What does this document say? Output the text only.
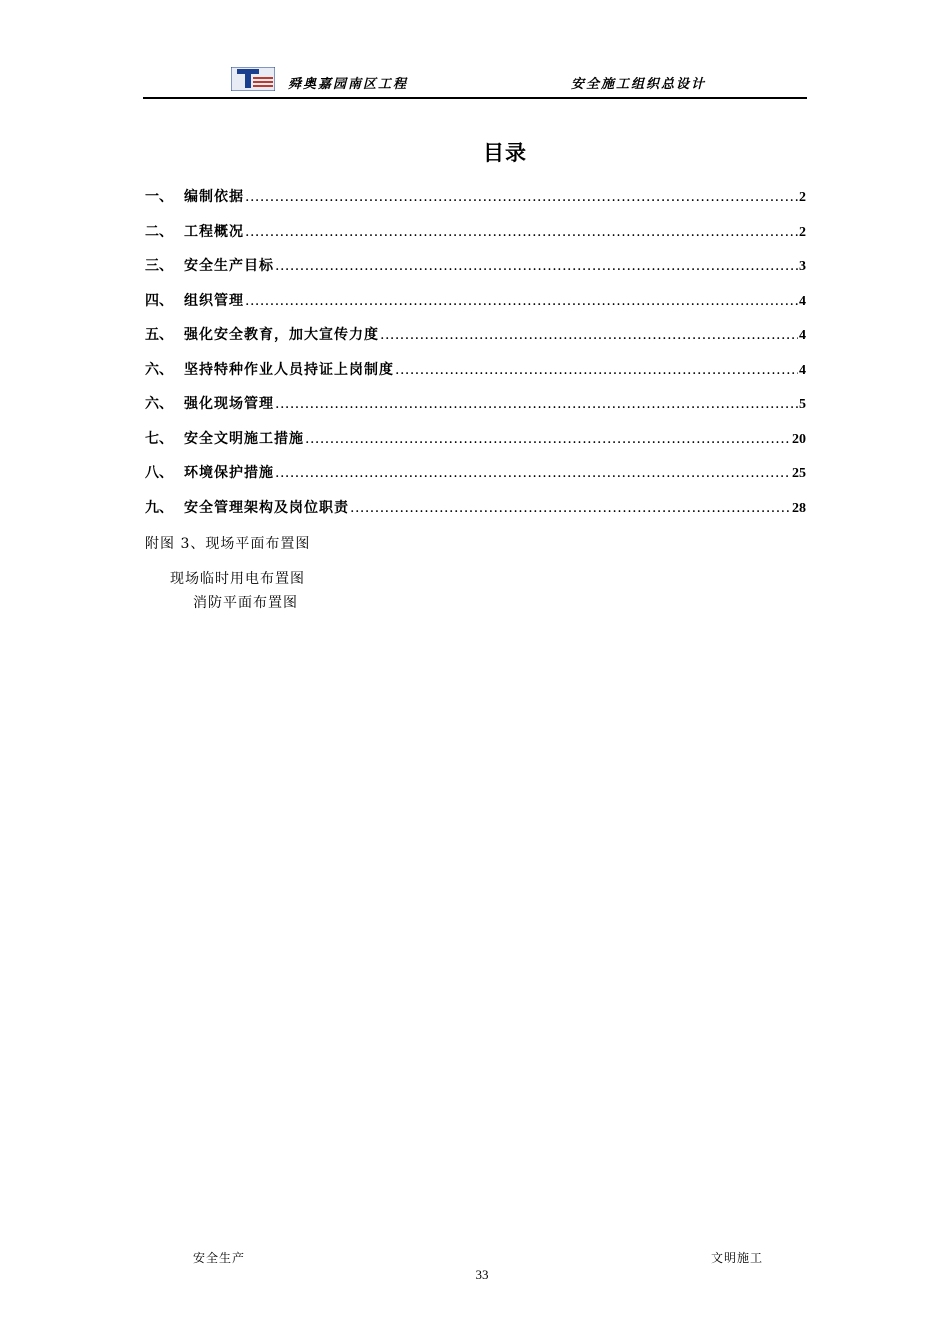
舜奥嘉园南区工程	安全施工组织总设计
目录
一、 编制依据 .....	2
二、 工程概况 .....	2
三、 安全生产目标 .....	3
四、 组织管理 .....	4
五、 强化安全教育，加大宣传力度 .....	4
六、 坚持特种作业人员持证上岗制度 .....	4
六、 强化现场管理 .....	5
七、 安全文明施工措施 .....	20
八、 环境保护措施 .....	25
九、 安全管理架构及岗位职责 .....	28
附图 3、现场平面布置图
现场临时用电布置图
消防平面布置图
安全生产	文明施工
33
